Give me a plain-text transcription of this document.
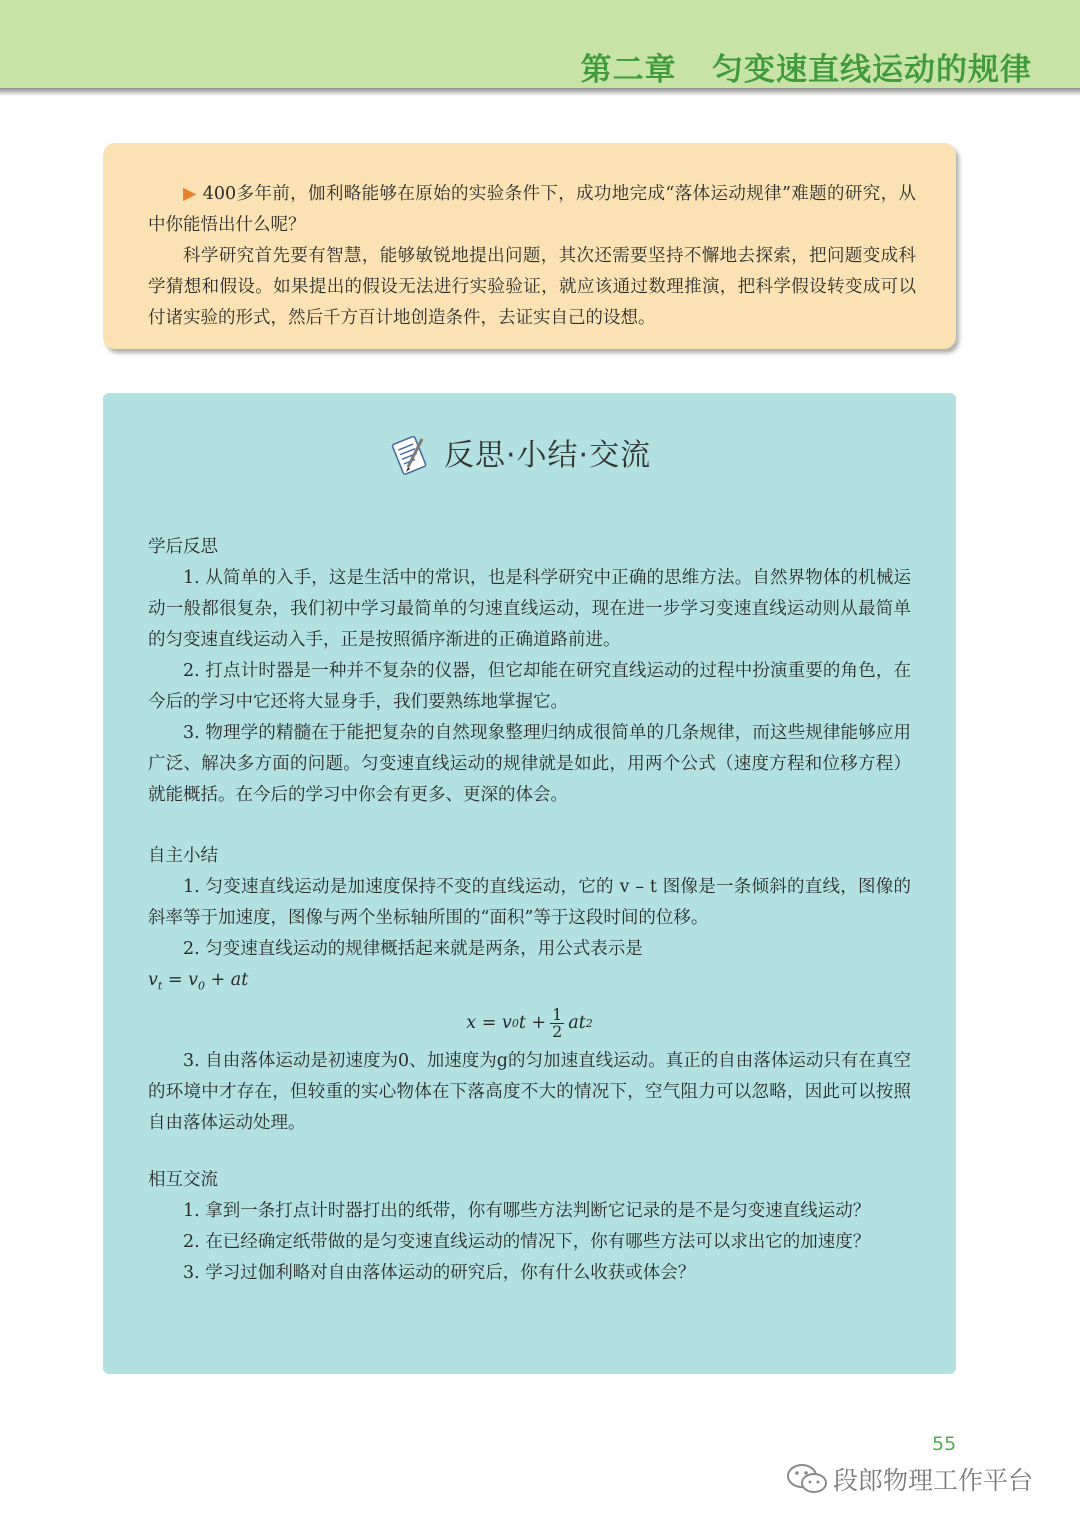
第二章   匀变速直线运动的规律

▶ 400多年前，伽利略能够在原始的实验条件下，成功地完成“落体运动规律”难题的研究，从中你能悟出什么呢？

科学研究首先要有智慧，能够敏锐地提出问题，其次还需要坚持不懈地去探索，把问题变成科学猜想和假设。如果提出的假设无法进行实验验证，就应该通过数理推演，把科学假设转变成可以付诸实验的形式，然后千方百计地创造条件，去证实自己的设想。

反思·小结·交流

学后反思

1. 从简单的入手，这是生活中的常识，也是科学研究中正确的思维方法。自然界物体的机械运动一般都很复杂，我们初中学习最简单的匀速直线运动，现在进一步学习变速直线运动则从最简单的匀变速直线运动入手，正是按照循序渐进的正确道路前进。

2. 打点计时器是一种并不复杂的仪器，但它却能在研究直线运动的过程中扮演重要的角色，在今后的学习中它还将大显身手，我们要熟练地掌握它。

3. 物理学的精髓在于能把复杂的自然现象整理归纳成很简单的几条规律，而这些规律能够应用广泛、解决多方面的问题。匀变速直线运动的规律就是如此，用两个公式（速度方程和位移方程）就能概括。在今后的学习中你会有更多、更深的体会。

自主小结

1. 匀变速直线运动是加速度保持不变的直线运动，它的 v – t 图像是一条倾斜的直线，图像的斜率等于加速度，图像与两个坐标轴所围的“面积”等于这段时间的位移。

2. 匀变速直线运动的规律概括起来就是两条，用公式表示是

$v_t = v_0$ + at

x = v 0 $t + \frac{1}{2}$ at 2

3. 自由落体运动是初速度为0、加速度为g的匀加速直线运动。真正的自由落体运动只有在真空的环境中才存在，但较重的实心物体在下落高度不大的情况下，空气阻力可以忽略，因此可以按照自由落体运动处理。

相互交流

1. 拿到一条打点计时器打出的纸带，你有哪些方法判断它记录的是不是匀变速直线运动？

2. 在已经确定纸带做的是匀变速直线运动的情况下，你有哪些方法可以求出它的加速度？

3. 学习过伽利略对自由落体运动的研究后，你有什么收获或体会？

55
段郎物理工作平台
